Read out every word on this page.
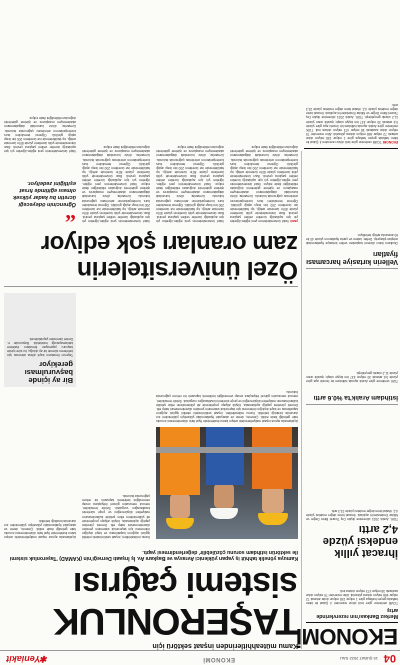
04
15 ŞUBAT 2022 SALI
EKONOMİ
✱Yeniakit
EKONOMİ
Merkez Bankası'nın rezervlerinde artış
TCMB verilerine göre brüt döviz rezervleri 4 Şubat ile biten haftada geçen haftaya göre 1 milyar 158 milyon dolar artarak 72 milyar 468 milyon dolara yükseldi. Altın rezervleri 79 milyon dolar azalarak 38 milyar 473 milyon dolara indi.
İhracat yıllık endeksi yüzde 4,2 arttı
TÜİK, Aralık 2021 dönemine ilişkin Dış Ticaret Birim Değer ve Miktar Endeksleri'ni açıkladı. İhracat birim değer endeksi yüzde 4,2, ithalat birim değer endeksi yüzde 23,3 arttı.
İstihdam Aralık'ta %0.6 arttı
TÜİK verilerine göre Aralık ayında istihdam bir önceki aya göre yüzde 0,6 artarak 30 milyon 437 bin kişiye ulaştı; işsizlik oranı yüzde 11,2 olarak gerçekleşti.
Vellerin kırtasiye harcaması fiyatları
Okulların ikinci dönemi başlarken veliler kırtasiye fiyatlarındaki artıştan şikayetçi. Defter, kalem ve çanta fiyatlarının yüzde 40 ile 60 arasında arttığı belirtiliyor.
Kamu müteahhitlerinden inşaat sektörü için
TAŞERONLUK
sistemi çağrısı
Kamuya yönelik tahhüt iş yapan yüklenici Avrasya ve Başkanı Av. İş İnşaatı Derneği'nin (KAMAD) 'Taşeronluk sistemi ile sektörün istihdam sorunu çözülebilir' değerlendirmesi yaptı.
Kamu müteahhitleri, inşaat sektöründeki nitelikli işgücü açığının kapatılması ve kayıt dışılığın önlenmesi için taşeronluk sisteminin yeniden düzenlenmesini talep etti. Dernek yönetimi yaptığı açıklamada, büyük altyapı projelerinde alt yüklenicilerin etkin şekilde kullanılmasının maliyetleri düşüreceğini ve proje sürelerini kısaltacağını vurguladı. Sektör temsilcileri, mevcut mevzuatın güncel ihtiyaçlara cevap vermediğini belirterek kapsamlı bir reform çağrısında bulundu.
Açıklamada ayrıca inşaat maliyetlerindeki artışın kamu ihalelerinde fiyat farkı düzenlemesini zorunlu hale getirdiği ifade edildi. Çimento, demir ve akaryakıt fiyatlarındaki yükselişin yüklenicileri zor durumda bıraktığı belirtildi.
Bir ay içinde başvurulması gerekiyor
Taşeron firmaların kayıt altına alınması için belirlenen sürenin bir ay olduğu, bu süre içinde başvuru yapmayan firmaların ihalelere katılamayacağı hatırlatıldı. Başvurular e-Devlet üzerinden yapılabilecek.
Açıklamada ayrıca inşaat maliyetlerindeki artışın kamu ihalelerinde fiyat farkı düzenlemesini zorunlu hale getirdiği ifade edildi. Çimento, demir ve akaryakıt fiyatlarındaki yükselişin yüklenicileri zor durumda bıraktığı belirtildi. Kamu müteahhitleri, inşaat sektöründeki nitelikli işgücü açığının kapatılması ve kayıt dışılığın önlenmesi için taşeronluk sisteminin yeniden düzenlenmesini talep etti. Dernek yönetimi yaptığı açıklamada, büyük altyapı projelerinde alt yüklenicilerin etkin şekilde kullanılmasının maliyetleri düşüreceğini ve proje sürelerini kısaltacağını vurguladı. Sektör temsilcileri, mevcut mevzuatın güncel ihtiyaçlara cevap vermediğini belirterek kapsamlı bir reform çağrısında bulundu.
Özel üniversitelerin
zam oranları şok ediyor
yazılı Vakıf üniversitelerinin yeni eğitim-öğretim yılı için açıkladığı ücretler velileri şaşkına çevirdi. Bazı üniversitelerde yıllık ücretlerin yüzde 80'in üzerinde arttığı, tıp fakültelerinde ise ücretlerin 200 bin lirayı aştığı görüldü. Öğrenci temsilcileri burs kontenjanlarının artırılması çağrısında bulundu. Uzmanlar, döviz kurundaki dalgalanmanın akademisyen maaşlarını ve işletme giderlerini doğrudan etkilediğini ifade ediyor. Vakıf üniversitelerinin yeni eğitim-öğretim yılı için açıkladığı ücretler velileri şaşkına çevirdi. Bazı üniversitelerde yıllık ücretlerin yüzde 80'in üzerinde arttığı, tıp fakültelerinde ise ücretlerin 200 bin lirayı aştığı görüldü. Öğrenci temsilcileri burs kontenjanlarının artırılması çağrısında bulundu. Uzmanlar, döviz kurundaki dalgalanmanın akademisyen maaşlarını ve işletme giderlerini doğrudan etkilediğini ifade ediyor.
Vakıf üniversitelerinin yeni eğitim-öğretim yılı için açıkladığı ücretler velileri şaşkına çevirdi. Bazı üniversitelerde yıllık ücretlerin yüzde 80'in üzerinde arttığı, tıp fakültelerinde ise ücretlerin 200 bin lirayı aştığı görüldü. Öğrenci temsilcileri burs kontenjanlarının artırılması çağrısında bulundu. Uzmanlar, döviz kurundaki dalgalanmanın akademisyen maaşlarını ve işletme giderlerini doğrudan etkilediğini ifade ediyor. Vakıf üniversitelerinin yeni eğitim-öğretim yılı için açıkladığı ücretler velileri şaşkına çevirdi. Bazı üniversitelerde yıllık ücretlerin yüzde 80'in üzerinde arttığı, tıp fakültelerinde ise ücretlerin 200 bin lirayı aştığı görüldü. Öğrenci temsilcileri burs kontenjanlarının artırılması çağrısında bulundu. Uzmanlar, döviz kurundaki dalgalanmanın akademisyen maaşlarını ve işletme giderlerini doğrudan etkilediğini ifade ediyor.
Vakıf üniversitelerinin yeni eğitim-öğretim yılı için açıkladığı ücretler velileri şaşkına çevirdi. Bazı üniversitelerde yıllık ücretlerin yüzde 80'in üzerinde arttığı, tıp fakültelerinde ise ücretlerin 200 bin lirayı aştığı görüldü. Öğrenci temsilcileri burs kontenjanlarının artırılması çağrısında bulundu. Uzmanlar, döviz kurundaki dalgalanmanın akademisyen maaşlarını ve işletme giderlerini doğrudan etkilediğini ifade ediyor. Vakıf üniversitelerinin yeni eğitim-öğretim yılı için açıkladığı ücretler velileri şaşkına çevirdi. Bazı üniversitelerde yıllık ücretlerin yüzde 80'in üzerinde arttığı, tıp fakültelerinde ise ücretlerin 200 bin lirayı aştığı görüldü. Öğrenci temsilcileri burs kontenjanlarının artırılması çağrısında bulundu. Uzmanlar, döviz kurundaki dalgalanmanın akademisyen maaşlarını ve işletme giderlerini doğrudan etkilediğini ifade ediyor.
“
Öğrencinin ödeyeceği ücretin bu kadar yüksek olması eğitimde fırsat eşitliğini zedeliyor.
Vakıf üniversitelerinin yeni eğitim-öğretim yılı için açıkladığı ücretler velileri şaşkına çevirdi. Bazı üniversitelerde yıllık ücretlerin yüzde 80'in üzerinde arttığı, tıp fakültelerinde ise ücretlerin 200 bin lirayı aştığı görüldü. Öğrenci temsilcileri burs kontenjanlarının artırılması çağrısında bulundu. Uzmanlar, döviz kurundaki dalgalanmanın akademisyen maaşlarını ve işletme giderlerini doğrudan etkilediğini ifade ediyor.
EKONOMİ TCMB verilerine göre brüt döviz rezervleri 4 Şubat ile biten haftada geçen haftaya göre 1 milyar 158 milyon dolar artarak 72 milyar 468 milyon dolara yükseldi. Altın rezervleri 79 milyon dolar azalarak 38 milyar 473 milyon dolara indi. TÜİK verilerine göre Aralık ayında istihdam bir önceki aya göre yüzde 0,6 artarak 30 milyon 437 bin kişiye ulaştı; işsizlik oranı yüzde 11,2 olarak gerçekleşti. TÜİK, Aralık 2021 dönemine ilişkin Dış Ticaret Birim Değer ve Miktar Endeksleri'ni açıkladı. İhracat birim değer endeksi yüzde 4,2, ithalat birim değer endeksi yüzde 23,3 arttı.
